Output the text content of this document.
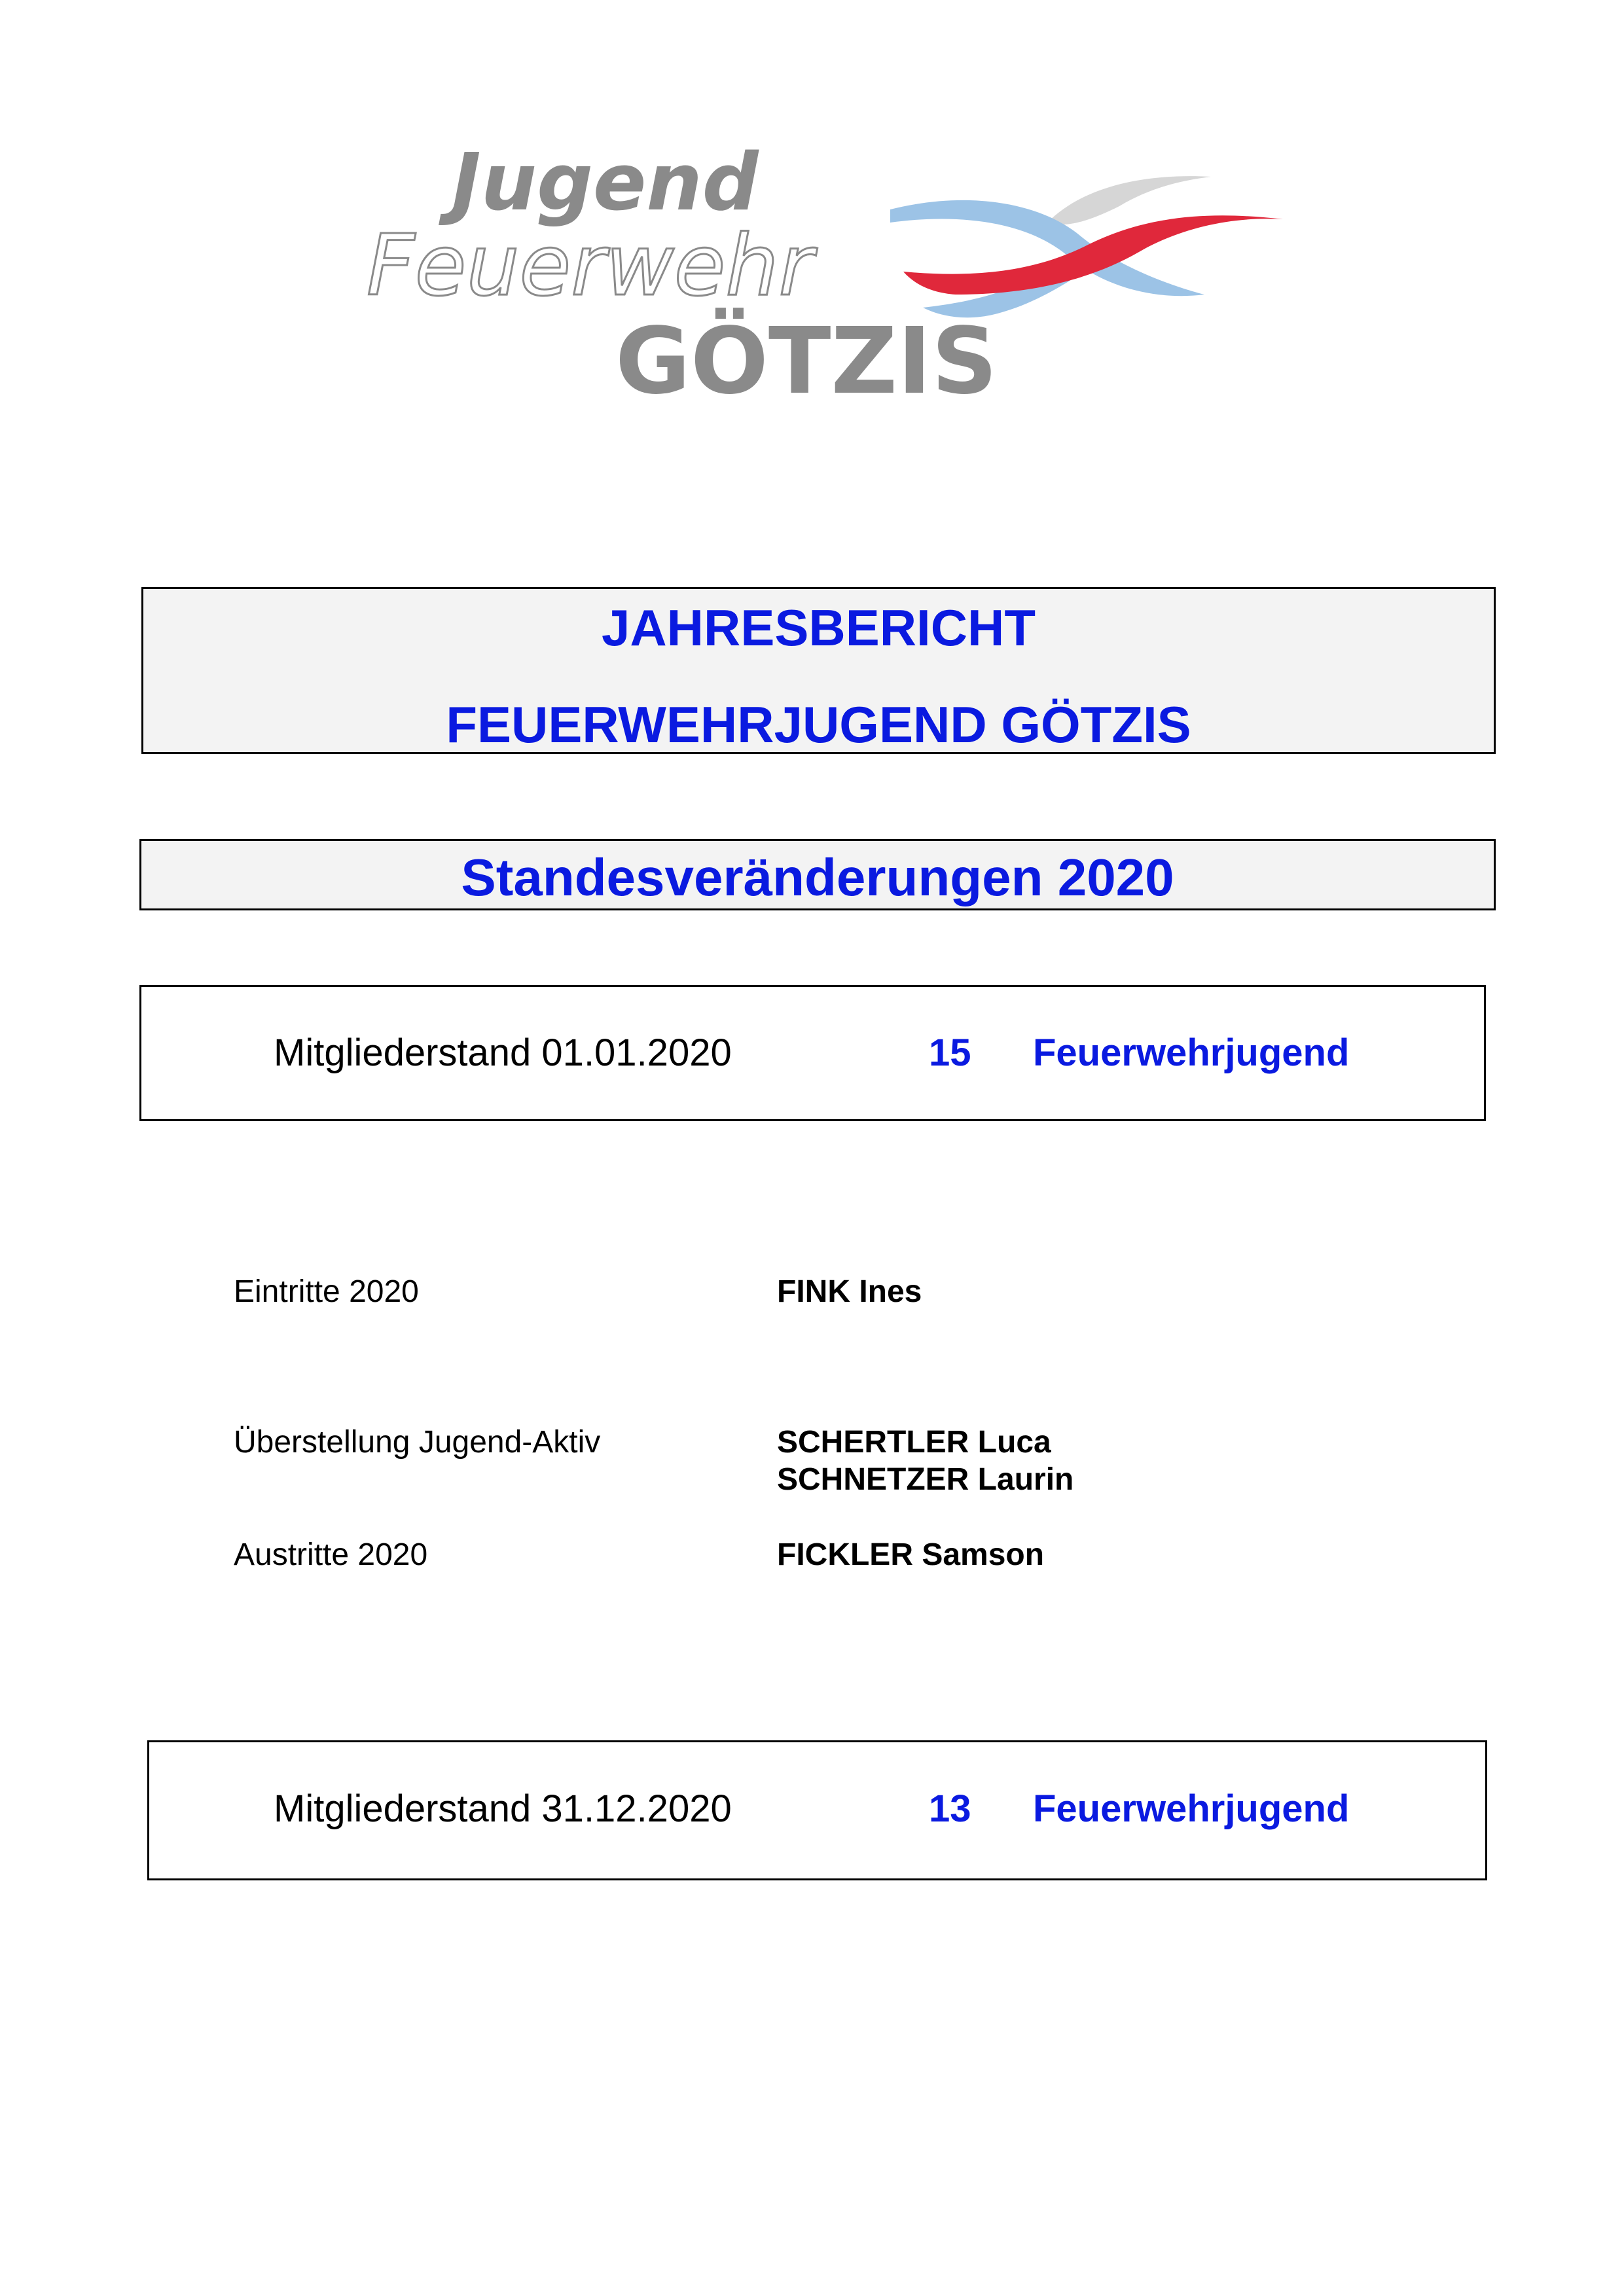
Jugend
Feuerwehr
GÖTZIS
JAHRESBERICHT
FEUERWEHRJUGEND GÖTZIS
Standesveränderungen 2020
Mitgliederstand 01.01.2020	15 Feuerwehrjugend
Eintritte 2020	FINK Ines
Überstellung Jugend-Aktiv	SCHERTLER Luca
SCHNETZER Laurin
Austritte 2020	FICKLER Samson
Mitgliederstand 31.12.2020	13 Feuerwehrjugend
